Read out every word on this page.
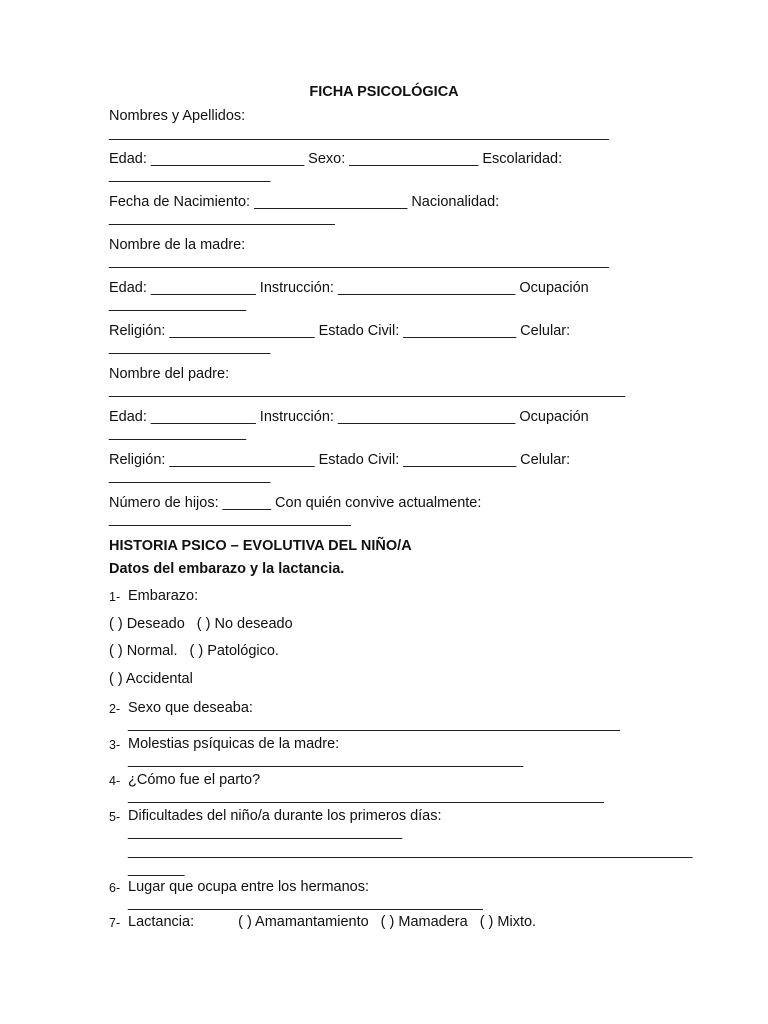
FICHA PSICOLÓGICA
Nombres y Apellidos:
______________________________________________________________
Edad: ___________________ Sexo: ________________ Escolaridad:
____________________
Fecha de Nacimiento: ___________________ Nacionalidad:
____________________________
Nombre de la madre:
______________________________________________________________
Edad: _____________ Instrucción: ______________________ Ocupación
_________________
Religión: __________________ Estado Civil: ______________ Celular:
____________________
Nombre del padre:
________________________________________________________________
Edad: _____________ Instrucción: ______________________ Ocupación
_________________
Religión: __________________ Estado Civil: ______________ Celular:
____________________
Número de hijos: ______ Con quién convive actualmente:
______________________________
HISTORIA PSICO – EVOLUTIVA DEL NIÑO/A
Datos del embarazo y la lactancia.
1- Embarazo:
( ) Deseado ( ) No deseado
( ) Normal. ( ) Patológico.
( ) Accidental
2- Sexo que deseaba:
_____________________________________________________________
3- Molestias psíquicas de la madre:
_________________________________________________
4- ¿Cómo fue el parto?
___________________________________________________________
5- Dificultades del niño/a durante los primeros días:
__________________________________
______________________________________________________________________
_______
6- Lugar que ocupa entre los hermanos:
____________________________________________
7- Lactancia:	( ) Amamantamiento ( ) Mamadera ( ) Mixto.
